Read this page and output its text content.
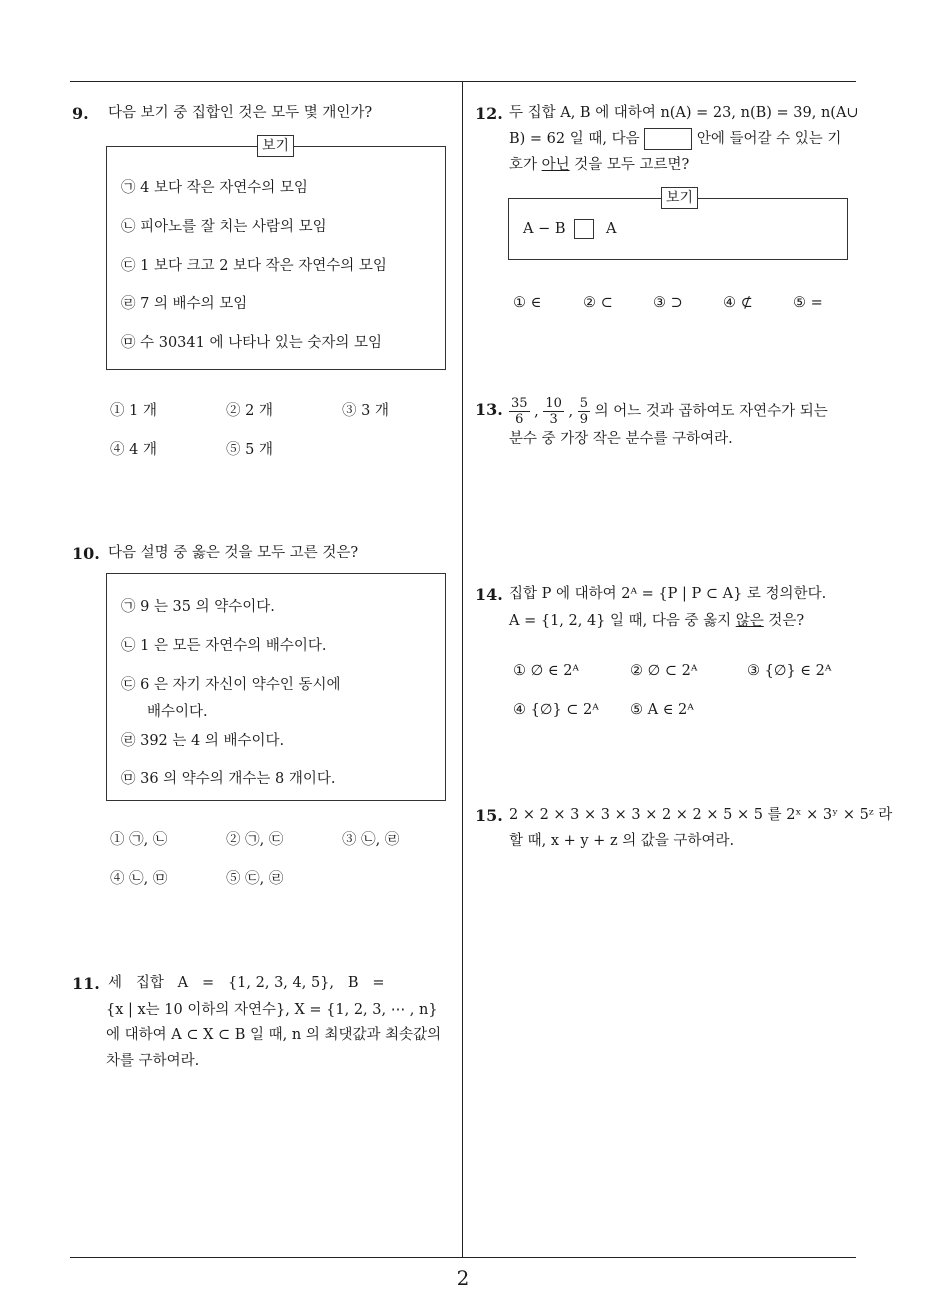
9. 다음 보기 중 집합인 것은 모두 몇 개인가?
보기
㉠ 4 보다 작은 자연수의 모임
㉡ 피아노를 잘 치는 사람의 모임
㉢ 1 보다 크고 2 보다 작은 자연수의 모임
㉣ 7 의 배수의 모임
㉤ 수 30341 에 나타나 있는 숫자의 모임
① 1 개	② 2 개	③ 3 개
④ 4 개	⑤ 5 개
10. 다음 설명 중 옳은 것을 모두 고른 것은?
㉠ 9 는 35 의 약수이다.
㉡ 1 은 모든 자연수의 배수이다.
㉢ 6 은 자기 자신이 약수인 동시에
배수이다.
㉣ 392 는 4 의 배수이다.
㉤ 36 의 약수의 개수는 8 개이다.
① ㉠, ㉡	② ㉠, ㉢	③ ㉡, ㉣
④ ㉡, ㉤	⑤ ㉢, ㉣
11. 세   집합   A   =   {1, 2, 3, 4, 5},   B   =
{x | x는 10 이하의 자연수}, X = {1, 2, 3, ⋯ , n}
에 대하여 A ⊂ X ⊂ B 일 때, n 의 최댓값과 최솟값의
차를 구하여라.
12. 두 집합 A, B 에 대하여 n(A) = 23, n(B) = 39, n(A∪
B) = 62 일 때, 다음	안에 들어갈 수 있는 기
호가 아닌 것을 모두 고르면?
보기
A − B	A
① ∈	② ⊂	③ ⊃	④ ⊄	⑤ =
13. $\frac{35}{6}$ , $\frac{10}{3}$ , $\frac{5}{9}$ 의 어느 것과 곱하여도 자연수가 되는
분수 중 가장 작은 분수를 구하여라.
14. 집합 P 에 대하여 2ᴬ = {P | P ⊂ A} 로 정의한다.
A = {1, 2, 4} 일 때, 다음 중 옳지 않은 것은?
① ∅ ∈ 2ᴬ	② ∅ ⊂ 2ᴬ	③ {∅} ∈ 2ᴬ
④ {∅} ⊂ 2ᴬ ⑤ A ∈ 2ᴬ
15. 2 × 2 × 3 × 3 × 3 × 2 × 2 × 5 × 5 를 2ˣ × 3ʸ × 5ᶻ 라
할 때, x + y + z 의 값을 구하여라.
2
